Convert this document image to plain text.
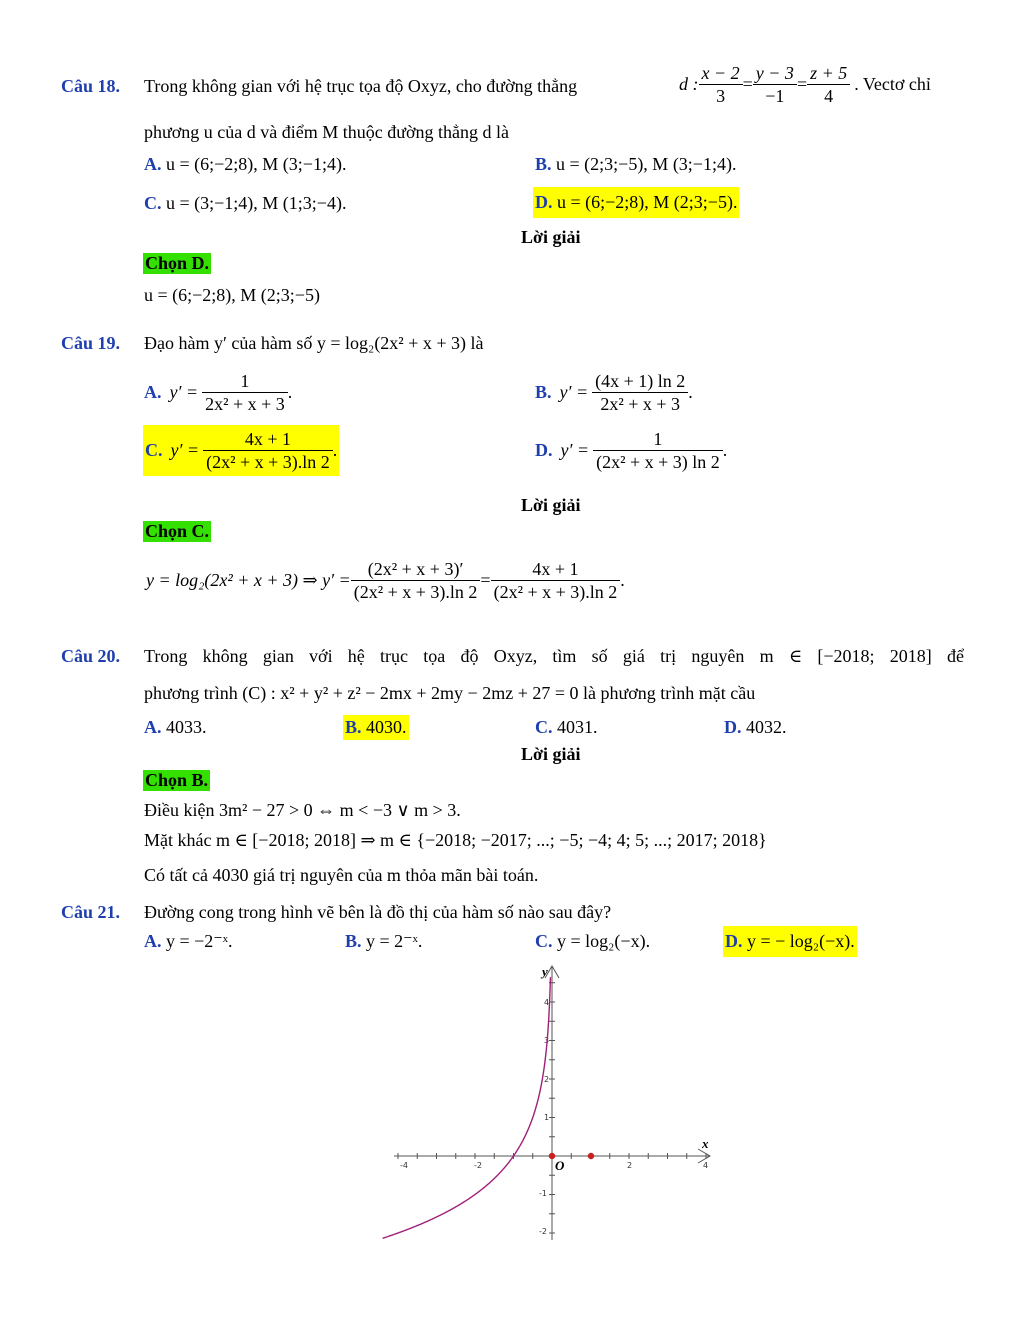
Câu 18. Trong không gian với hệ trục tọa độ Oxyz, cho đường thẳng	d : $\frac{x - 2}{3} = \frac{y - 3}{-1} = \frac{z + 5}{4}$ . Vectơ chỉ
phương u của d và điểm M thuộc đường thẳng d là
A. u = (6;−2;8), M (3;−1;4).	B. u = (2;3;−5), M (3;−1;4).
C. u = (3;−1;4), M (1;3;−4).	D. u = (6;−2;8), M (2;3;−5).
Lời giải
Chọn D.
u = (6;−2;8), M (2;3;−5)
Câu 19. Đạo hàm y′ của hàm số y = log₂(2x² + x + 3) là
A. $y' = \frac{1}{\text{2x² + x + 3}}$ .	B. $y' = \frac{(4x + 1) \ln 2}{\text{2x² + x + 3}}$ .
C. $y' = \frac{4x + 1}{\text{(2x² + x + 3).ln 2}}$ .	D. $y' = \frac{1}{\text{(2x² + x + 3) ln 2}}$ .
Lời giải
Chọn C.
y = log₂(2x² + x + 3) ⇒ $y' = \frac{\text{(2x² + x + 3)′}}{\text{(2x² + x + 3).ln 2}} = \frac{4x + 1}{\text{(2x² + x + 3).ln 2}}$ .
Câu 20. Trong không gian với hệ trục tọa độ Oxyz, tìm số giá trị nguyên m ∈ [−2018; 2018] để
phương trình (C) : x² + y² + z² − 2mx + 2my − 2mz + 27 = 0 là phương trình mặt cầu
A. 4033.	B. 4030.	C. 4031.	D. 4032.
Lời giải
Chọn B.
Điều kiện 3m² − 27 > 0 ⇔ m < −3 ∨ m > 3.
Mặt khác m ∈ [−2018; 2018] ⇒ m ∈ {−2018; −2017; ...; −5; −4; 4; 5; ...; 2017; 2018}
Có tất cả 4030 giá trị nguyên của m thỏa mãn bài toán.
Câu 21. Đường cong trong hình vẽ bên là đồ thị của hàm số nào sau đây?
A. y = −2⁻ˣ.	B. y = 2⁻ˣ.	C. y = log₂(−x).	D. y = − log₂(−x).
-4	-2	2	4
4
3
2
1
-1
-2
x
y
O
